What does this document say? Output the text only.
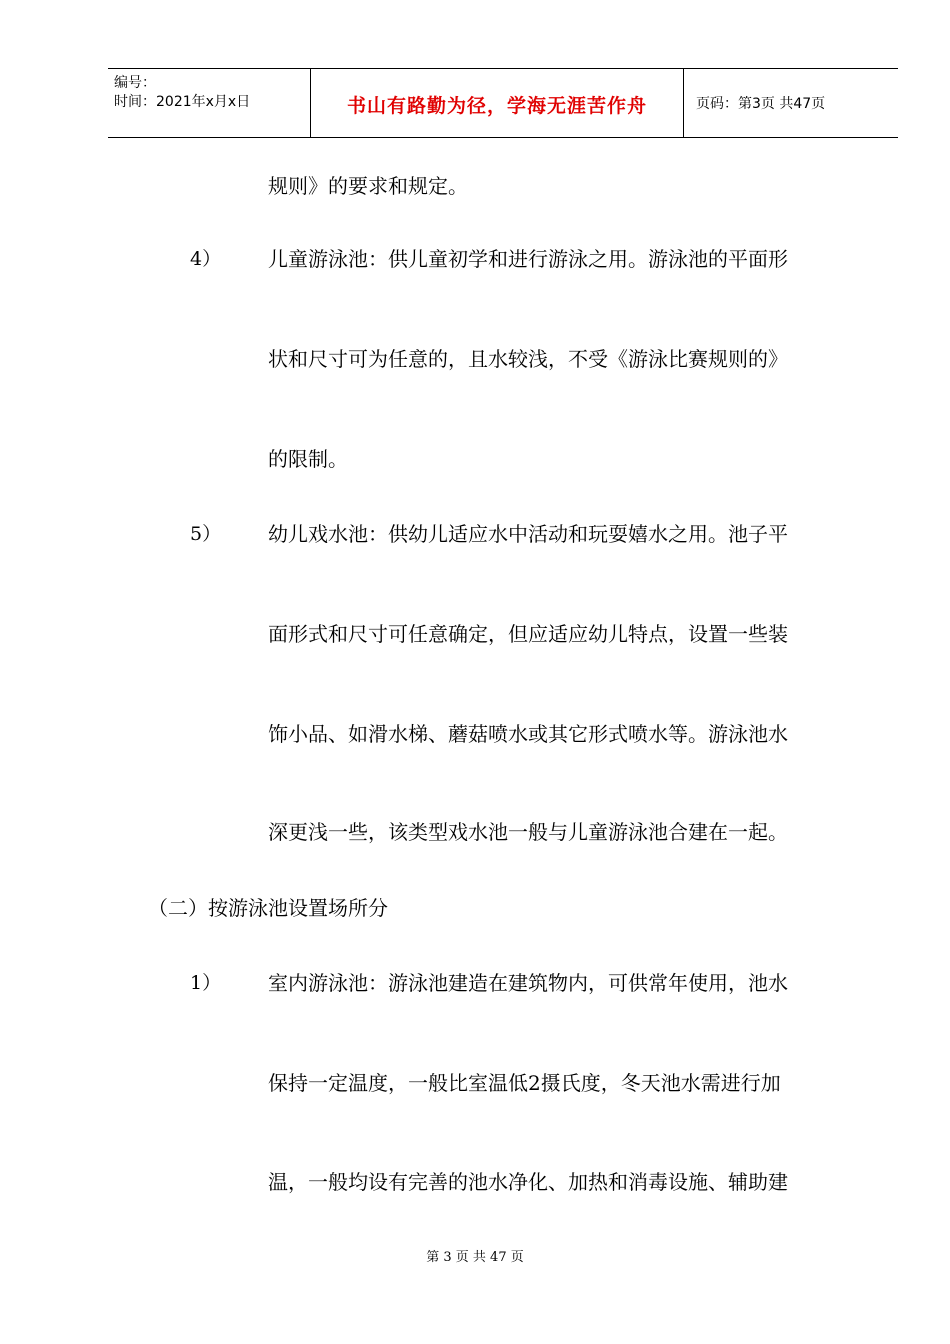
编号：
时间：2021年x月x日	书山有路勤为径，学海无涯苦作舟	页码：第3页 共47页
规则》的要求和规定。
4） 儿童游泳池：供儿童初学和进行游泳之用。游泳池的平面形
状和尺寸可为任意的，且水较浅，不受《游泳比赛规则的》
的限制。
5） 幼儿戏水池：供幼儿适应水中活动和玩耍嬉水之用。池子平
面形式和尺寸可任意确定，但应适应幼儿特点，设置一些装
饰小品、如滑水梯、蘑菇喷水或其它形式喷水等。游泳池水
深更浅一些，该类型戏水池一般与儿童游泳池合建在一起。
（二）按游泳池设置场所分
1） 室内游泳池：游泳池建造在建筑物内，可供常年使用，池水
保持一定温度，一般比室温低2摄氏度，冬天池水需进行加
温，一般均设有完善的池水净化、加热和消毒设施、辅助建
第 3 页 共 47 页
